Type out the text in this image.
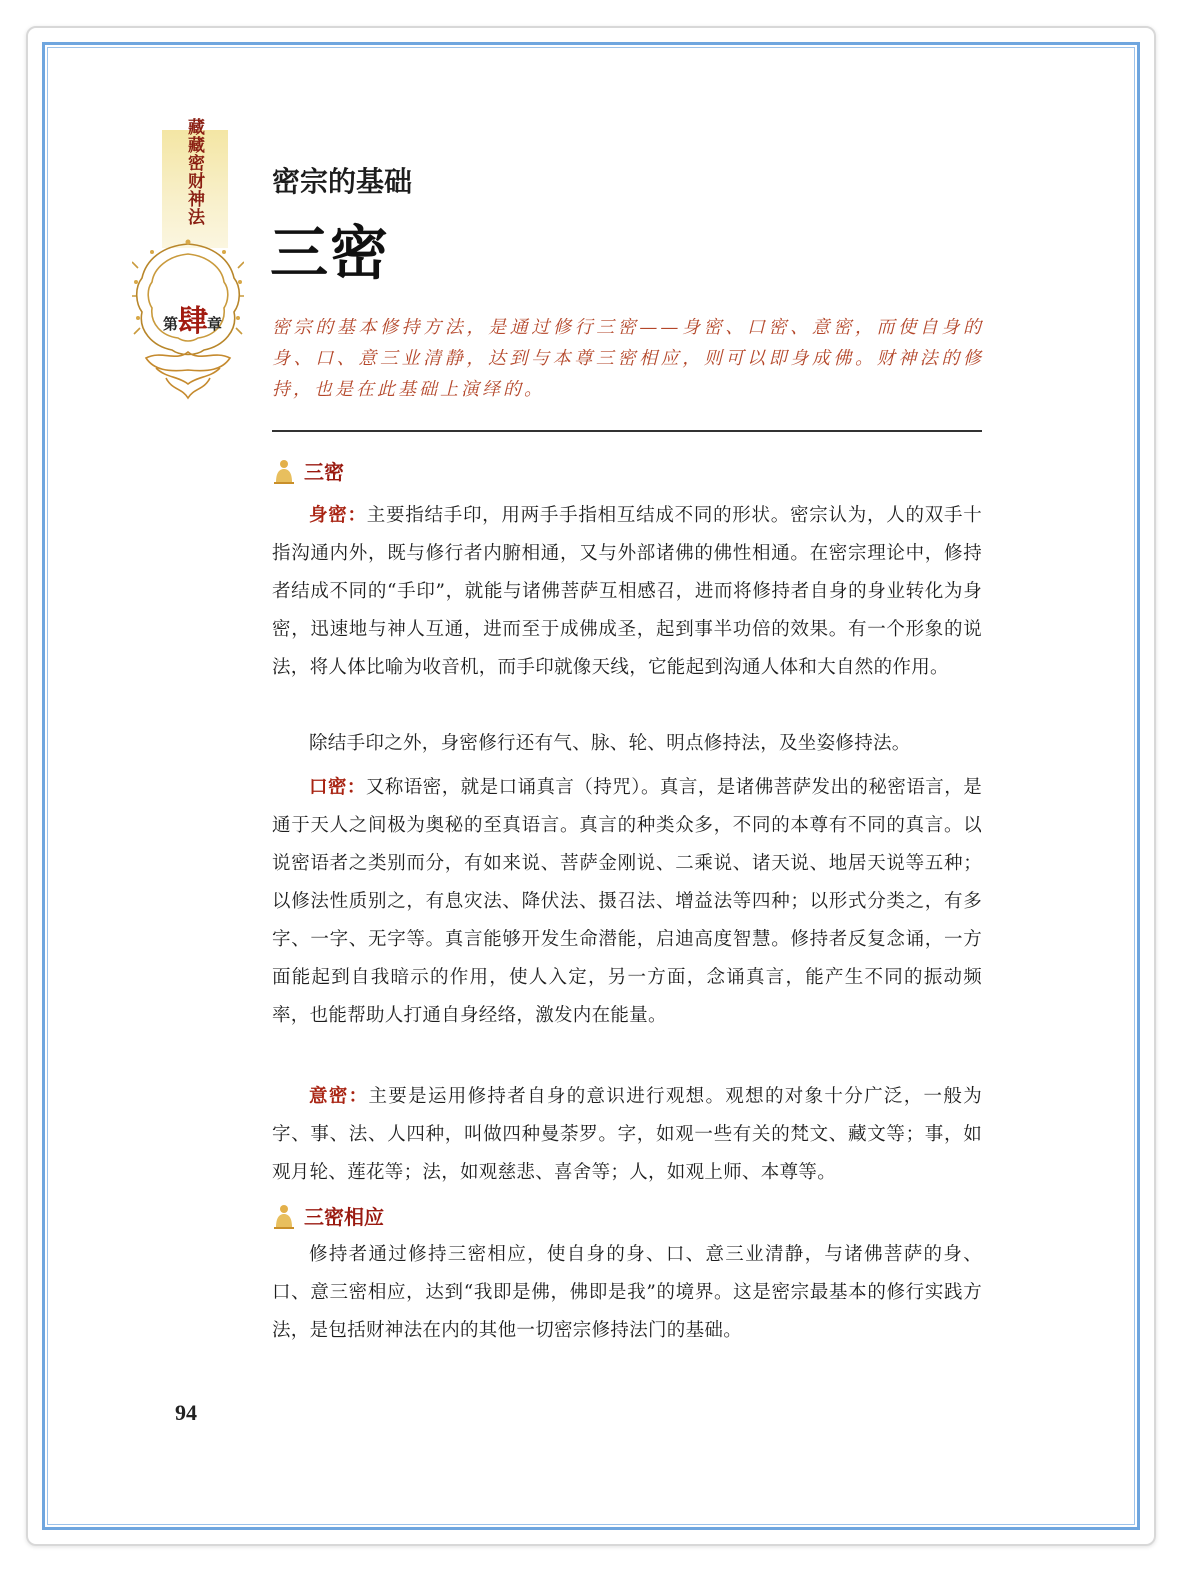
藏藏密财神法
第 肆 章
密宗的基础
三密
密宗的基本修持方法，是通过修行三密——身密、口密、意密，而使自身的身、口、意三业清静，达到与本尊三密相应，则可以即身成佛。财神法的修持，也是在此基础上演绎的。
三密
身密：主要指结手印，用两手手指相互结成不同的形状。密宗认为，人的双手十指沟通内外，既与修行者内腑相通，又与外部诸佛的佛性相通。在密宗理论中，修持者结成不同的“手印”，就能与诸佛菩萨互相感召，进而将修持者自身的身业转化为身密，迅速地与神人互通，进而至于成佛成圣，起到事半功倍的效果。有一个形象的说法，将人体比喻为收音机，而手印就像天线，它能起到沟通人体和大自然的作用。
除结手印之外，身密修行还有气、脉、轮、明点修持法，及坐姿修持法。
口密：又称语密，就是口诵真言（持咒）。真言，是诸佛菩萨发出的秘密语言，是通于天人之间极为奥秘的至真语言。真言的种类众多，不同的本尊有不同的真言。以说密语者之类别而分，有如来说、菩萨金刚说、二乘说、诸天说、地居天说等五种；以修法性质别之，有息灾法、降伏法、摄召法、增益法等四种；以形式分类之，有多字、一字、无字等。真言能够开发生命潜能，启迪高度智慧。修持者反复念诵，一方面能起到自我暗示的作用，使人入定，另一方面，念诵真言，能产生不同的振动频率，也能帮助人打通自身经络，激发内在能量。
意密：主要是运用修持者自身的意识进行观想。观想的对象十分广泛，一般为字、事、法、人四种，叫做四种曼荼罗。字，如观一些有关的梵文、藏文等；事，如观月轮、莲花等；法，如观慈悲、喜舍等；人，如观上师、本尊等。
三密相应
修持者通过修持三密相应，使自身的身、口、意三业清静，与诸佛菩萨的身、口、意三密相应，达到“我即是佛，佛即是我”的境界。这是密宗最基本的修行实践方法，是包括财神法在内的其他一切密宗修持法门的基础。
94
